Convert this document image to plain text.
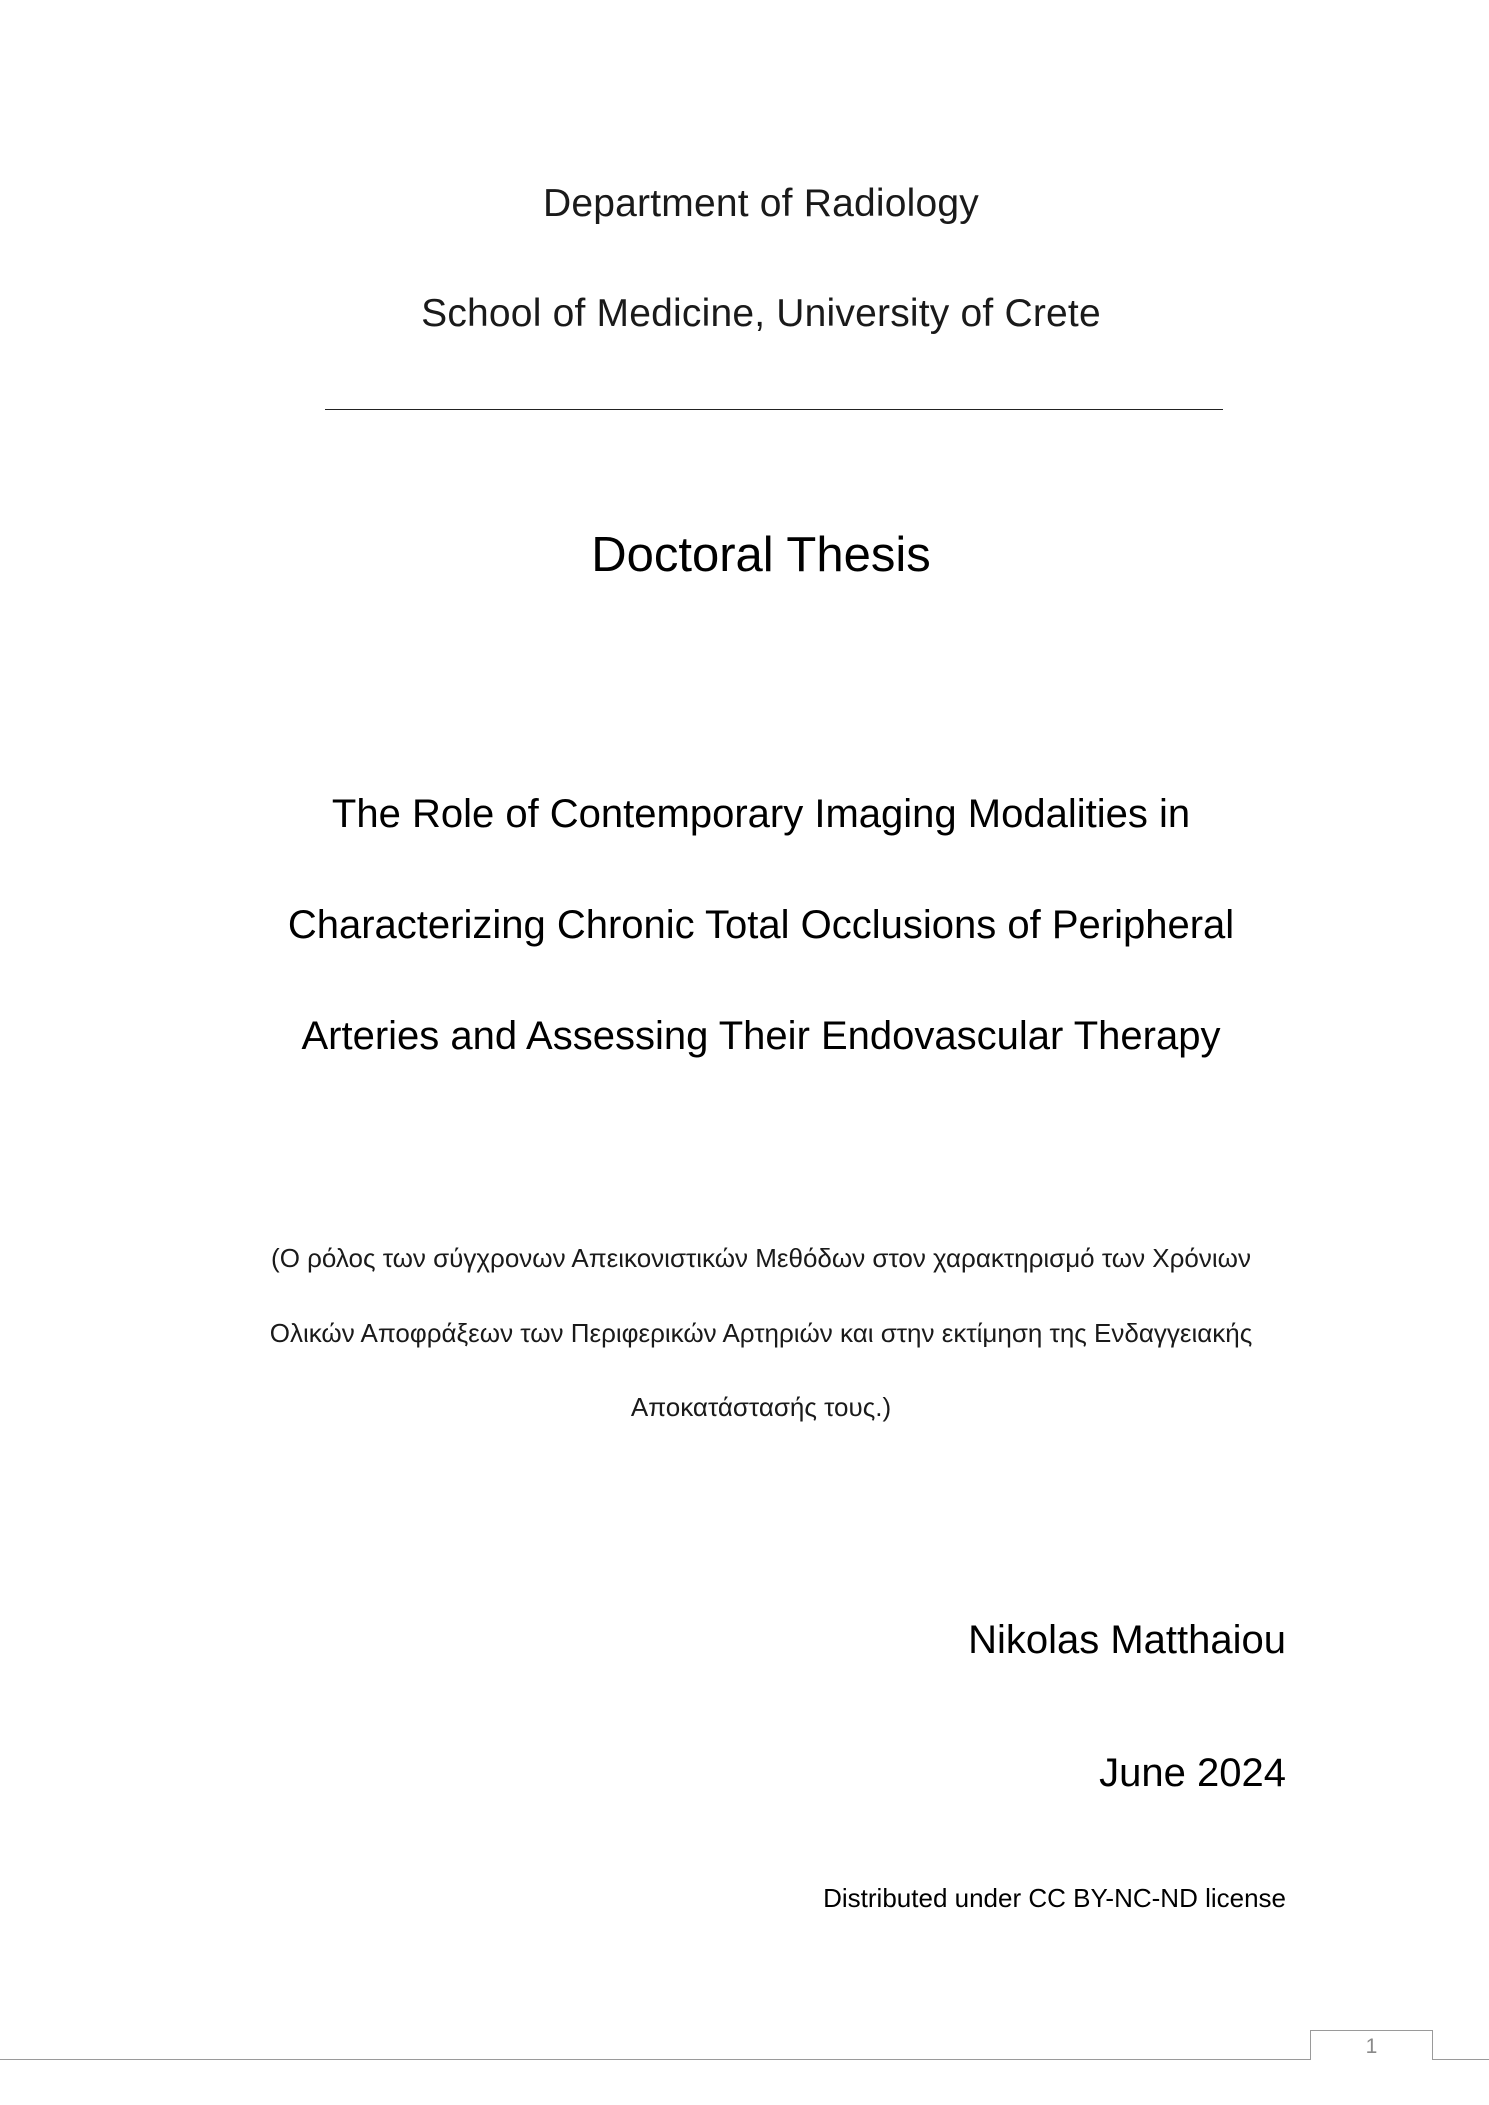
Department of Radiology
School of Medicine, University of Crete
Doctoral Thesis
The Role of Contemporary Imaging Modalities in
Characterizing Chronic Total Occlusions of Peripheral
Arteries and Assessing Their Endovascular Therapy
(Ο ρόλος των σύγχρονων Απεικονιστικών Μεθόδων στον χαρακτηρισμό των Χρόνιων
Ολικών Αποφράξεων των Περιφερικών Αρτηριών και στην εκτίμηση της Ενδαγγειακής
Αποκατάστασής τους.)
Nikolas Matthaiou
June 2024
Distributed under CC BY-NC-ND license
1
